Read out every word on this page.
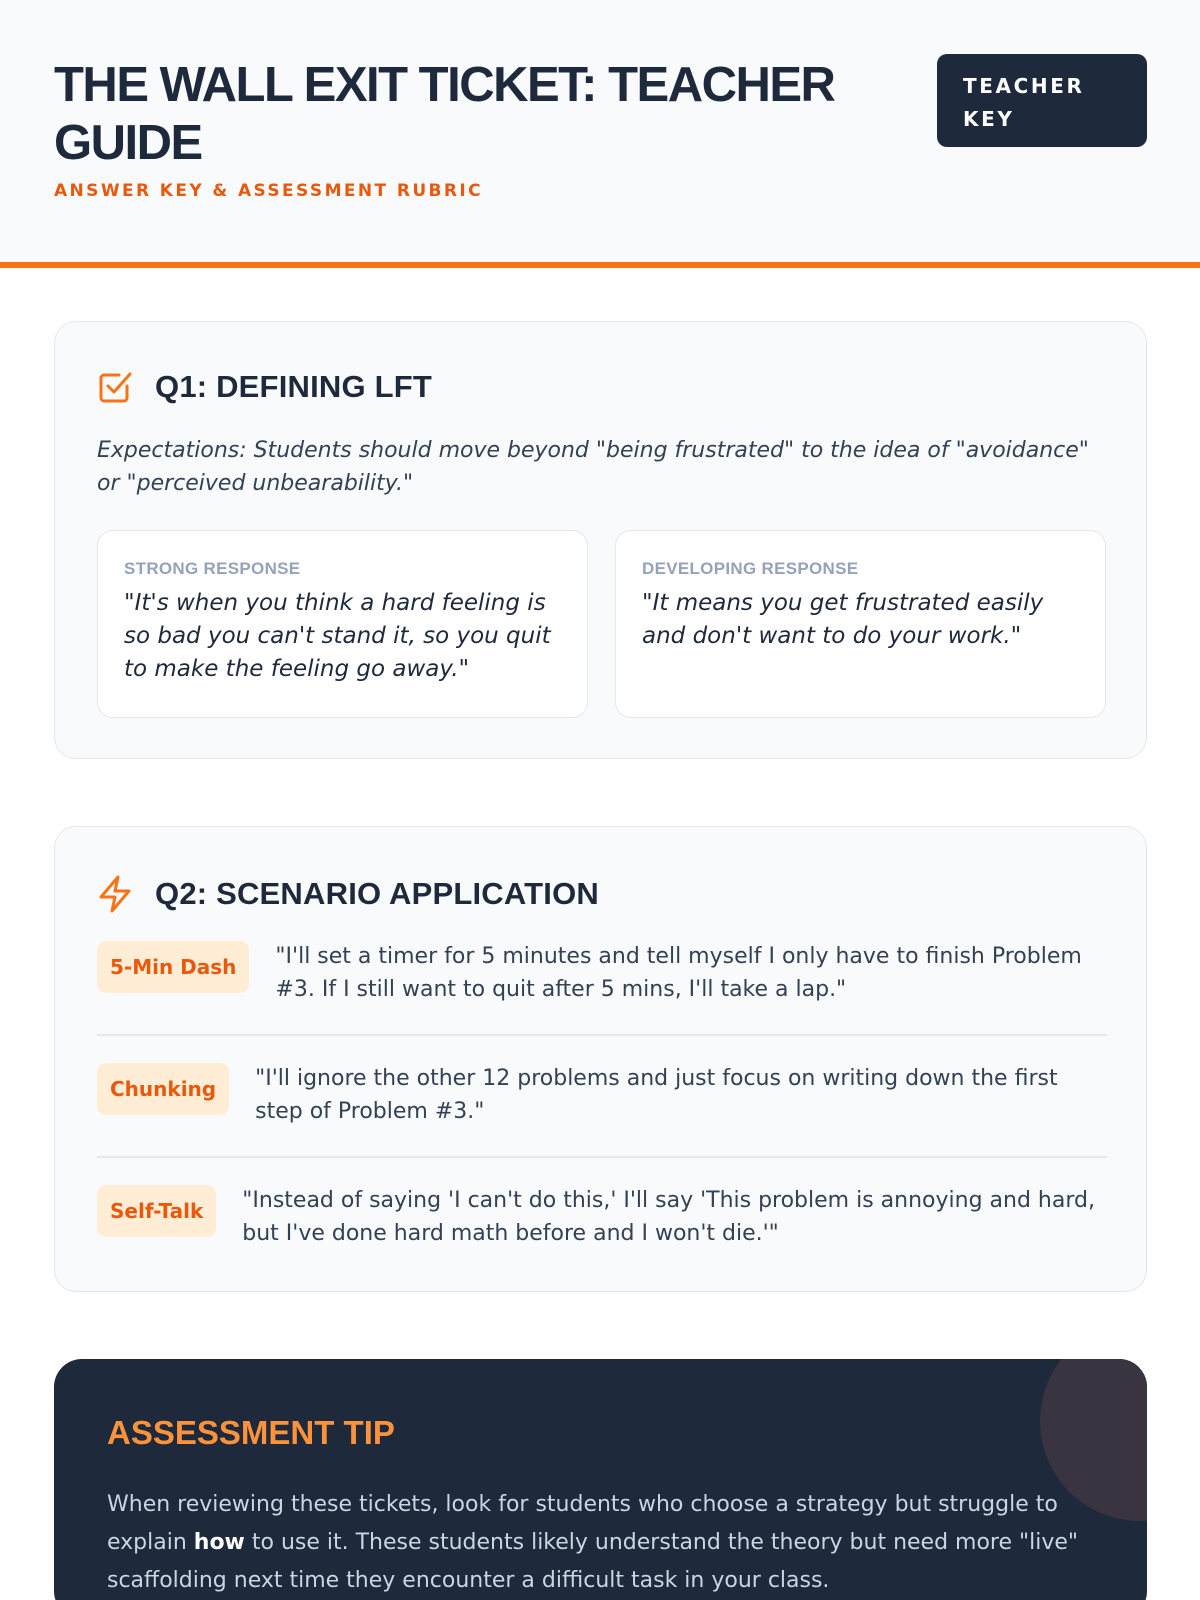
THE WALL EXIT TICKET: TEACHER GUIDE
ANSWER KEY & ASSESSMENT RUBRIC
TEACHER KEY
Q1: DEFINING LFT

Expectations: Students should move beyond "being frustrated" to the idea of "avoidance" or "perceived unbearability."

STRONG RESPONSE

"It's when you think a hard feeling is so bad you can't stand it, so you quit to make the feeling go away."

DEVELOPING RESPONSE

"It means you get frustrated easily and don't want to do your work."

Q2: SCENARIO APPLICATION
5-Min Dash	"I'll set a timer for 5 minutes and tell myself I only have to finish Problem #3. If I still want to quit after 5 mins, I'll take a lap."

Chunking	"I'll ignore the other 12 problems and just focus on writing down the first step of Problem #3."

Self-Talk	"Instead of saying 'I can't do this,' I'll say 'This problem is annoying and hard, but I've done hard math before and I won't die.'"

ASSESSMENT TIP

When reviewing these tickets, look for students who choose a strategy but struggle to explain how to use it. These students likely understand the theory but need more "live" scaffolding next time they encounter a difficult task in your class.
